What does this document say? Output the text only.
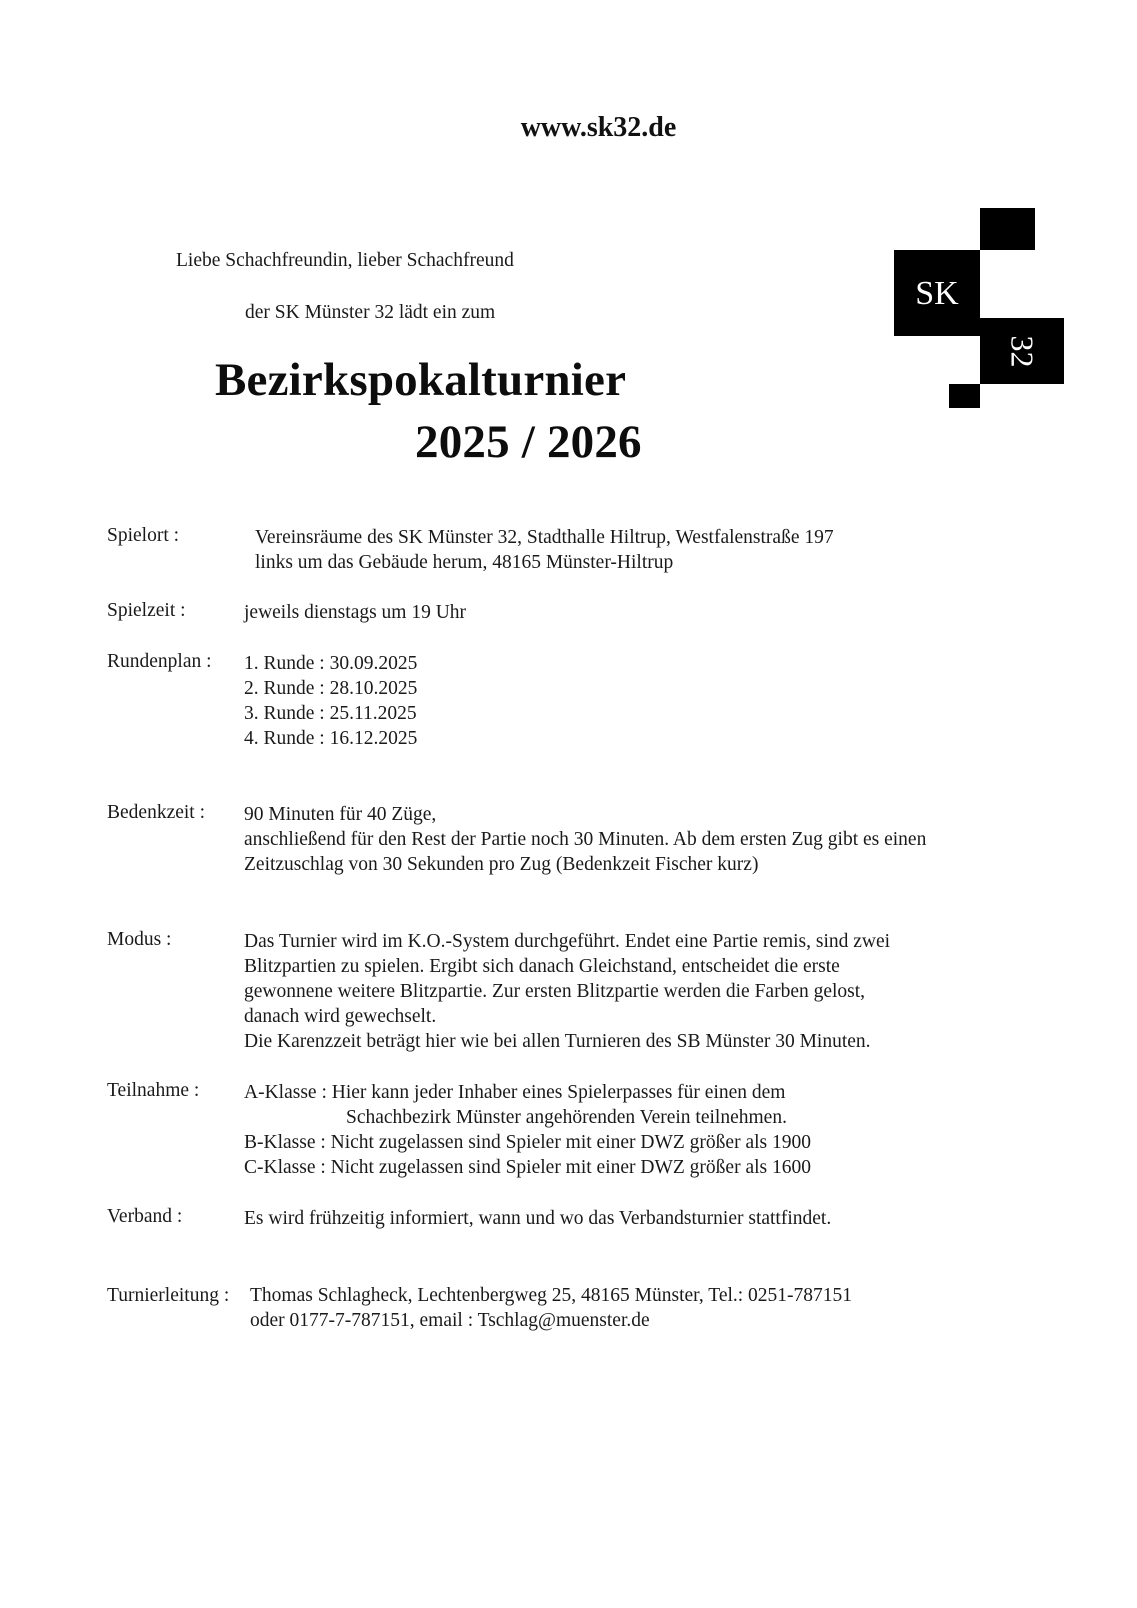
www.sk32.de
Liebe Schachfreundin, lieber Schachfreund
der SK Münster 32 lädt ein zum
Bezirkspokalturnier
2025 / 2026
SK
32
Spielort :	Vereinsräume des SK Münster 32, Stadthalle Hiltrup, Westfalenstraße 197
links um das Gebäude herum, 48165 Münster-Hiltrup
Spielzeit :	jeweils dienstags um 19 Uhr
Rundenplan : 1. Runde : 30.09.2025
2. Runde : 28.10.2025
3. Runde : 25.11.2025
4. Runde : 16.12.2025
Bedenkzeit : 90 Minuten für 40 Züge,
anschließend für den Rest der Partie noch 30 Minuten. Ab dem ersten Zug gibt es einen
Zeitzuschlag von 30 Sekunden pro Zug (Bedenkzeit Fischer kurz)
Modus :	Das Turnier wird im K.O.-System durchgeführt. Endet eine Partie remis, sind zwei
Blitzpartien zu spielen. Ergibt sich danach Gleichstand, entscheidet die erste
gewonnene weitere Blitzpartie. Zur ersten Blitzpartie werden die Farben gelost,
danach wird gewechselt.
Die Karenzzeit beträgt hier wie bei allen Turnieren des SB Münster 30 Minuten.
Teilnahme : A-Klasse : Hier kann jeder Inhaber eines Spielerpasses für einen dem
Schachbezirk Münster angehörenden Verein teilnehmen.
B-Klasse : Nicht zugelassen sind Spieler mit einer DWZ größer als 1900
C-Klasse : Nicht zugelassen sind Spieler mit einer DWZ größer als 1600
Verband :	Es wird frühzeitig informiert, wann und wo das Verbandsturnier stattfindet.
Turnierleitung : Thomas Schlagheck, Lechtenbergweg 25, 48165 Münster, Tel.: 0251-787151
oder 0177-7-787151, email : Tschlag@muenster.de
